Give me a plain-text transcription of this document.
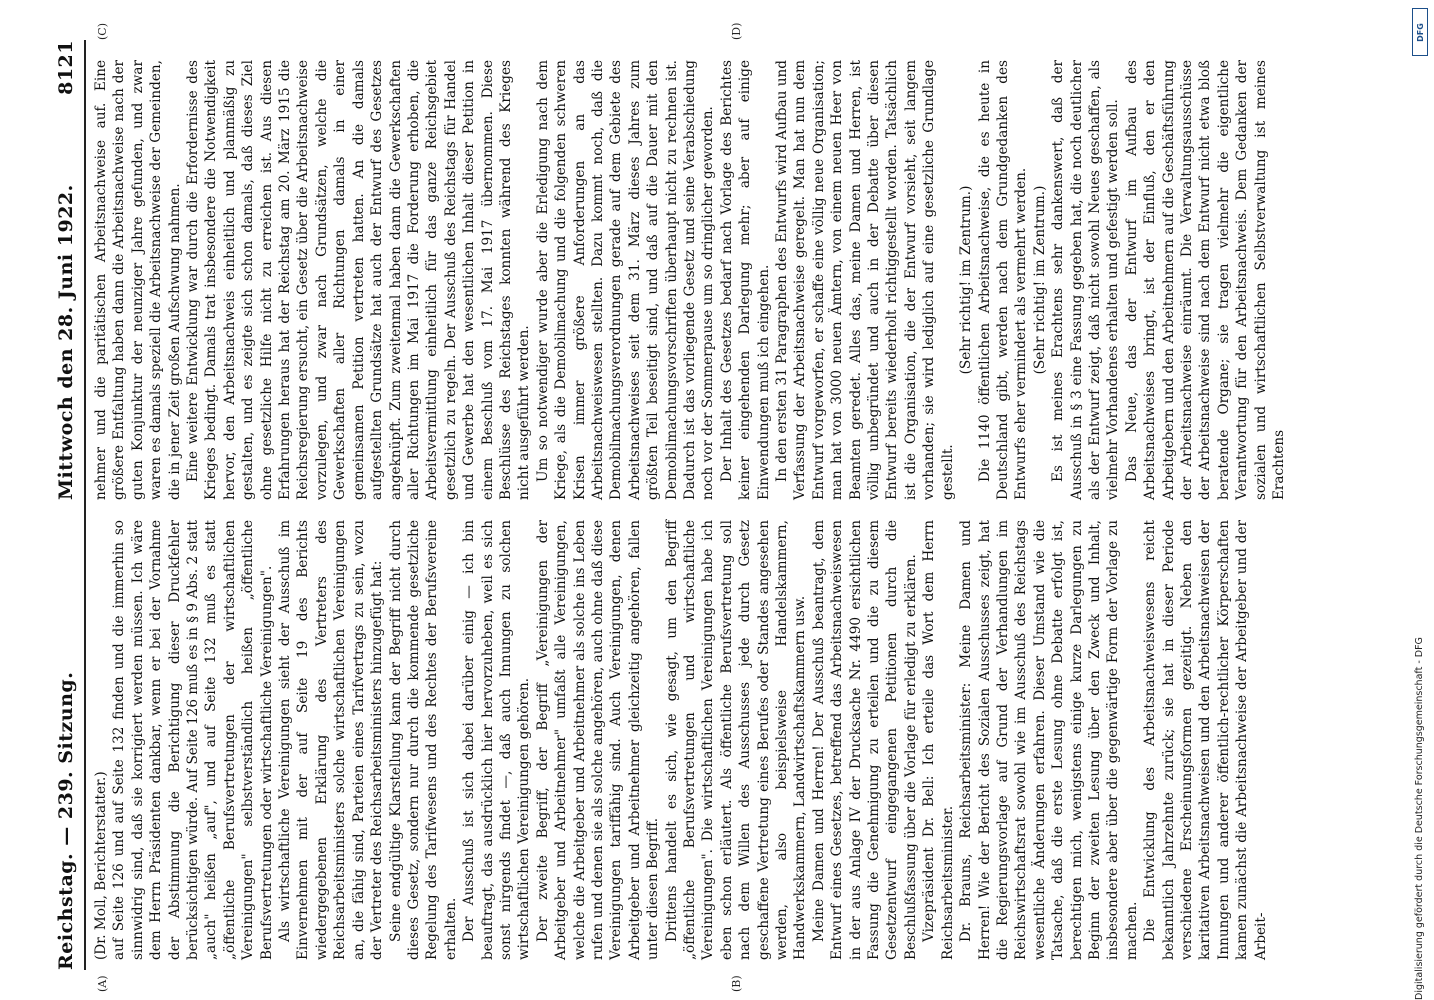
Reichstag. — 239. Sitzung.
Mittwoch den 28. Juni 1922.
8121
(A)	(B)
(C)	(D)

(Dr. Moll, Berichterstatter.) auf Seite 126 und auf Seite 132 finden und die immerhin so sinnwidrig sind, daß sie korrigiert werden müssen. Ich wäre dem Herrn Präsidenten dankbar, wenn er bei der Vornahme der Abstimmung die Berichtigung dieser Druckfehler berücksichtigen würde. Auf Seite 126 muß es in § 9 Abs. 2 statt „auch" heißen „auf", und auf Seite 132 muß es statt „öffentliche Berufsvertretungen der wirtschaftlichen Vereinigungen" selbstverständlich heißen „öffentliche Berufsvertretungen oder wirtschaftliche Vereinigungen". Als wirtschaftliche Vereinigungen sieht der Ausschuß im Einvernehmen mit der auf Seite 19 des Berichts wiedergegebenen Erklärung des Vertreters des Reichsarbeitsministers solche wirtschaftlichen Vereinigungen an, die fähig sind, Parteien eines Tarifvertrags zu sein, wozu der Vertreter des Reichsarbeitsministers hinzugefügt hat: Seine endgültige Klarstellung kann der Begriff nicht durch dieses Gesetz, sondern nur durch die kommende gesetzliche Regelung des Tarifwesens und des Rechtes der Berufsvereine erhalten. Der Ausschuß ist sich dabei darüber einig — ich bin beauftragt, das ausdrücklich hier hervorzuheben, weil es sich sonst nirgends findet —, daß auch Innungen zu solchen wirtschaftlichen Vereinigungen gehören. Der zweite Begriff, der Begriff „Vereinigungen der Arbeitgeber und Arbeitnehmer" umfaßt alle Vereinigungen, welche die Arbeitgeber und Arbeitnehmer als solche ins Leben rufen und denen sie als solche angehören, auch ohne daß diese Vereinigungen tariffähig sind. Auch Vereinigungen, denen Arbeitgeber und Arbeitnehmer gleichzeitig angehören, fallen unter diesen Begriff. Drittens handelt es sich, wie gesagt, um den Begriff „öffentliche Berufsvertretungen und wirtschaftliche Vereinigungen". Die wirtschaftlichen Vereinigungen habe ich eben schon erläutert. Als öffentliche Berufsvertretung soll nach dem Willen des Ausschusses jede durch Gesetz geschaffene Vertretung eines Berufes oder Standes angesehen werden, also beispielsweise Handelskammern, Handwerkskammern, Landwirtschaftskammern usw. Meine Damen und Herren! Der Ausschuß beantragt, dem Entwurf eines Gesetzes, betreffend das Arbeitsnachweiswesen in der aus Anlage IV der Drucksache Nr. 4490 ersichtlichen Fassung die Genehmigung zu erteilen und die zu diesem Gesetzentwurf eingegangenen Petitionen durch die Beschlußfassung über die Vorlage für erledigt zu erklären. Vizepräsident Dr. Bell: Ich erteile das Wort dem Herrn Reichsarbeitsminister. Dr. Brauns, Reichsarbeitsminister: Meine Damen und Herren! Wie der Bericht des Sozialen Ausschusses zeigt, hat die Regierungsvorlage auf Grund der Verhandlungen im Reichswirtschaftsrat sowohl wie im Ausschuß des Reichstags wesentliche Änderungen erfahren. Dieser Umstand wie die Tatsache, daß die erste Lesung ohne Debatte erfolgt ist, berechtigen mich, wenigstens einige kurze Darlegungen zu Beginn der zweiten Lesung über den Zweck und Inhalt, insbesondere aber über die gegenwärtige Form der Vorlage zu machen. Die Entwicklung des Arbeitsnachweiswesens reicht bekanntlich Jahrzehnte zurück; sie hat in dieser Periode verschiedene Erscheinungsformen gezeitigt. Neben den karitativen Arbeitsnachweisen und den Arbeitsnachweisen der Innungen und anderer öffentlich-rechtlicher Körperschaften kamen zunächst die Arbeitsnachweise der Arbeitgeber und der Arbeit-

nehmer und die paritätischen Arbeitsnachweise auf. Eine größere Entfaltung haben dann die Arbeitsnachweise nach der guten Konjunktur der neunziger Jahre gefunden, und zwar waren es damals speziell die Arbeitsnachweise der Gemeinden, die in jener Zeit großen Aufschwung nahmen. Eine weitere Entwicklung war durch die Erfordernisse des Krieges bedingt. Damals trat insbesondere die Notwendigkeit hervor, den Arbeitsnachweis einheitlich und planmäßig zu gestalten, und es zeigte sich schon damals, daß dieses Ziel ohne gesetzliche Hilfe nicht zu erreichen ist. Aus diesen Erfahrungen heraus hat der Reichstag am 20. März 1915 die Reichsregierung ersucht, ein Gesetz über die Arbeitsnachweise vorzulegen, und zwar nach Grundsätzen, welche die Gewerkschaften aller Richtungen damals in einer gemeinsamen Petition vertreten hatten. An die damals aufgestellten Grundsätze hat auch der Entwurf des Gesetzes angeknüpft. Zum zweitenmal haben dann die Gewerkschaften aller Richtungen im Mai 1917 die Forderung erhoben, die Arbeitsvermittlung einheitlich für das ganze Reichsgebiet gesetzlich zu regeln. Der Ausschuß des Reichstags für Handel und Gewerbe hat den wesentlichen Inhalt dieser Petition in einem Beschluß vom 17. Mai 1917 übernommen. Diese Beschlüsse des Reichstages konnten während des Krieges nicht ausgeführt werden. Um so notwendiger wurde aber die Erledigung nach dem Kriege, als die Demobilmachung und die folgenden schweren Krisen immer größere Anforderungen an das Arbeitsnachweiswesen stellten. Dazu kommt noch, daß die Demobilmachungsverordnungen gerade auf dem Gebiete des Arbeitsnachweises seit dem 31. März dieses Jahres zum größten Teil beseitigt sind, und daß auf die Dauer mit den Demobilmachungsvorschriften überhaupt nicht zu rechnen ist. Dadurch ist das vorliegende Gesetz und seine Verabschiedung noch vor der Sommerpause um so dringlicher geworden. Der Inhalt des Gesetzes bedarf nach Vorlage des Berichtes keiner eingehenden Darlegung mehr; aber auf einige Einwendungen muß ich eingehen. In den ersten 31 Paragraphen des Entwurfs wird Aufbau und Verfassung der Arbeitsnachweise geregelt. Man hat nun dem Entwurf vorgeworfen, er schaffe eine völlig neue Organisation; man hat von 3000 neuen Ämtern, von einem neuen Heer von Beamten geredet. Alles das, meine Damen und Herren, ist völlig unbegründet und auch in der Debatte über diesen Entwurf bereits wiederholt richtiggestellt worden. Tatsächlich ist die Organisation, die der Entwurf vorsieht, seit langem vorhanden; sie wird lediglich auf eine gesetzliche Grundlage gestellt.

(Sehr richtig! im Zentrum.) Die 1140 öffentlichen Arbeitsnachweise, die es heute in Deutschland gibt, werden nach dem Grundgedanken des Entwurfs eher vermindert als vermehrt werden. (Sehr richtig! im Zentrum.) Es ist meines Erachtens sehr dankenswert, daß der Ausschuß in § 3 eine Fassung gegeben hat, die noch deutlicher als der Entwurf zeigt, daß nicht sowohl Neues geschaffen, als vielmehr Vorhandenes erhalten und gefestigt werden soll. Das Neue, das der Entwurf im Aufbau des Arbeitsnachweises bringt, ist der Einfluß, den er den Arbeitgebern und den Arbeitnehmern auf die Geschäftsführung der Arbeitsnachweise einräumt. Die Verwaltungsausschüsse der Arbeitsnachweise sind nach dem Entwurf nicht etwa bloß beratende Organe; sie tragen vielmehr die eigentliche Verantwortung für den Arbeitsnachweis. Dem Gedanken der sozialen und wirtschaftlichen Selbstverwaltung ist meines Erachtens

Digitalisierung gefördert durch die Deutsche Forschungsgemeinschaft - DFG
DFG
